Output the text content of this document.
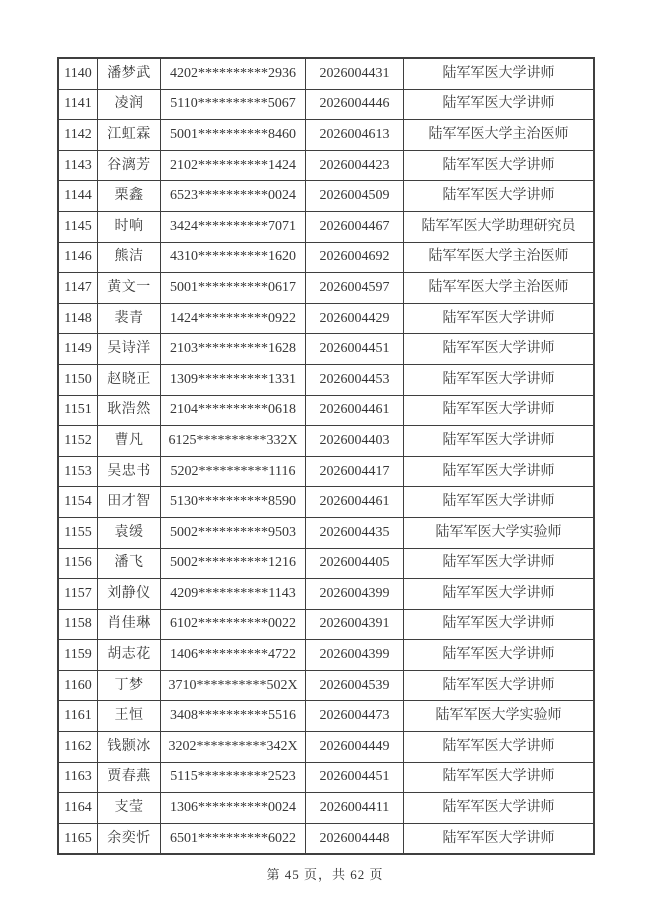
1140	潘梦武	4202**********2936	2026004431	陆军军医大学讲师
1141	凌润	5110**********5067	2026004446	陆军军医大学讲师
1142	江虹霖	5001**********8460	2026004613	陆军军医大学主治医师
1143	谷漓芳	2102**********1424	2026004423	陆军军医大学讲师
1144	栗鑫	6523**********0024	2026004509	陆军军医大学讲师
1145	时响	3424**********7071	2026004467	陆军军医大学助理研究员
1146	熊洁	4310**********1620	2026004692	陆军军医大学主治医师
1147	黄文一	5001**********0617	2026004597	陆军军医大学主治医师
1148	裴青	1424**********0922	2026004429	陆军军医大学讲师
1149	吴诗洋	2103**********1628	2026004451	陆军军医大学讲师
1150	赵晓正	1309**********1331	2026004453	陆军军医大学讲师
1151	耿浩然	2104**********0618	2026004461	陆军军医大学讲师
1152	曹凡	6125**********332X	2026004403	陆军军医大学讲师
1153	吴忠书	5202**********1116	2026004417	陆军军医大学讲师
1154	田才智	5130**********8590	2026004461	陆军军医大学讲师
1155	袁缓	5002**********9503	2026004435	陆军军医大学实验师
1156	潘飞	5002**********1216	2026004405	陆军军医大学讲师
1157	刘静仪	4209**********1143	2026004399	陆军军医大学讲师
1158	肖佳琳	6102**********0022	2026004391	陆军军医大学讲师
1159	胡志花	1406**********4722	2026004399	陆军军医大学讲师
1160	丁梦	3710**********502X	2026004539	陆军军医大学讲师
1161	王恒	3408**********5516	2026004473	陆军军医大学实验师
1162	钱颢冰	3202**********342X	2026004449	陆军军医大学讲师
1163	贾春燕	5115**********2523	2026004451	陆军军医大学讲师
1164	支莹	1306**********0024	2026004411	陆军军医大学讲师
1165	余奕忻	6501**********6022	2026004448	陆军军医大学讲师
第 45 页，共 62 页
